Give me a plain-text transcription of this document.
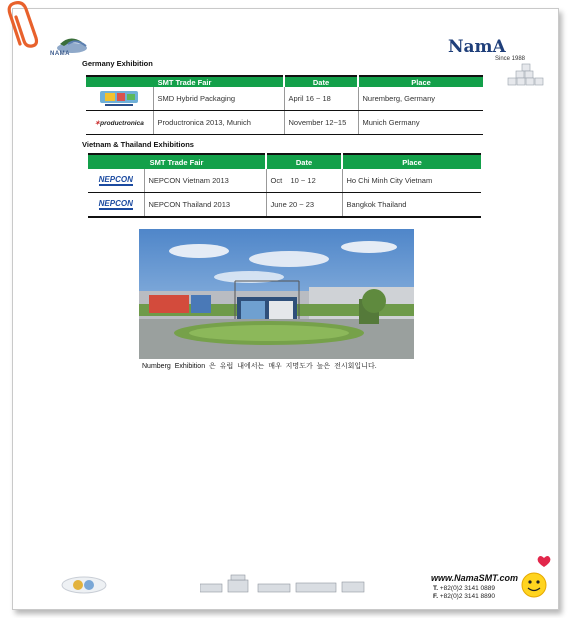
NAMA	NamA
Since 1988
Germany Exhibition
SMT Trade Fair		Date	Place
	SMD Hybrid Packaging	April 16 ~ 18	Nuremberg, Germany
✶productronica	Productronica 2013, Munich	November 12~15	Munich Germany
Vietnam & Thailand Exhibitions
SMT Trade Fair		Date	Place
NEPCON	NEPCON Vietnam 2013	Oct    10 ~ 12	Ho Chi Minh City Vietnam
NEPCON	NEPCON Thailand 2013	June 20 ~ 23	Bangkok Thailand
Numberg Exhibition 은 유럽 내에서는 매우 지명도가 높은 전시회입니다.
www.NamaSMT.com
T. +82(0)2 3141 0889
F. +82(0)2 3141 8890
